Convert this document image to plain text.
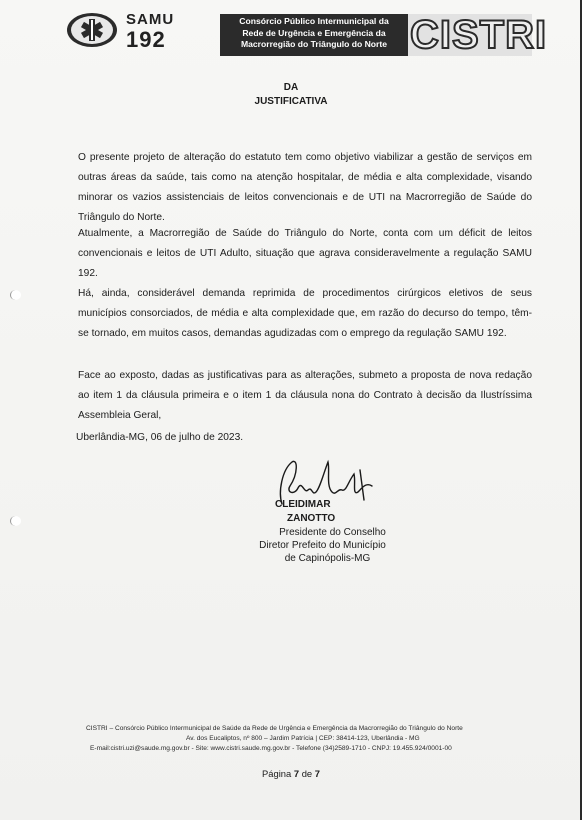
SAMU
192
Consórcio Público Intermunicipal da
Rede de Urgência e Emergência da
Macrorregião do Triângulo do Norte CISTRI
DA
JUSTIFICATIVA
O presente projeto de alteração do estatuto tem como objetivo viabilizar a gestão de serviços em outras áreas da saúde, tais como na atenção hospitalar, de média e alta complexidade, visando minorar os vazios assistenciais de leitos convencionais e de UTI na Macrorregião de Saúde do Triângulo do Norte.
Atualmente, a Macrorregião de Saúde do Triângulo do Norte, conta com um déficit de leitos convencionais e leitos de UTI Adulto, situação que agrava consideravelmente a regulação SAMU 192.
Há, ainda, considerável demanda reprimida de procedimentos cirúrgicos eletivos de seus municípios consorciados, de média e alta complexidade que, em razão do decurso do tempo, têm-se tornado, em muitos casos, demandas agudizadas com o emprego da regulação SAMU 192.
Face ao exposto, dadas as justificativas para as alterações, submeto a proposta de nova redação ao item 1 da cláusula primeira e o item 1 da cláusula nona do Contrato à decisão da Ilustríssima Assembleia Geral,
Uberlândia-MG, 06 de julho de 2023.
CLEIDIMAR
ZANOTTO
Presidente do Conselho
Diretor Prefeito do Município
de Capinópolis-MG
CISTRI – Consórcio Público Intermunicipal de Saúde da Rede de Urgência e Emergência da Macrorregião do Triângulo do Norte
Av. dos Eucaliptos, nº 800 – Jardim Patrícia | CEP: 38414-123, Uberlândia - MG
E-mail:cistri.uzi@saude.mg.gov.br - Site: www.cistri.saude.mg.gov.br - Telefone (34)2589-1710 - CNPJ: 19.455.924/0001-00
Página 7 de 7
